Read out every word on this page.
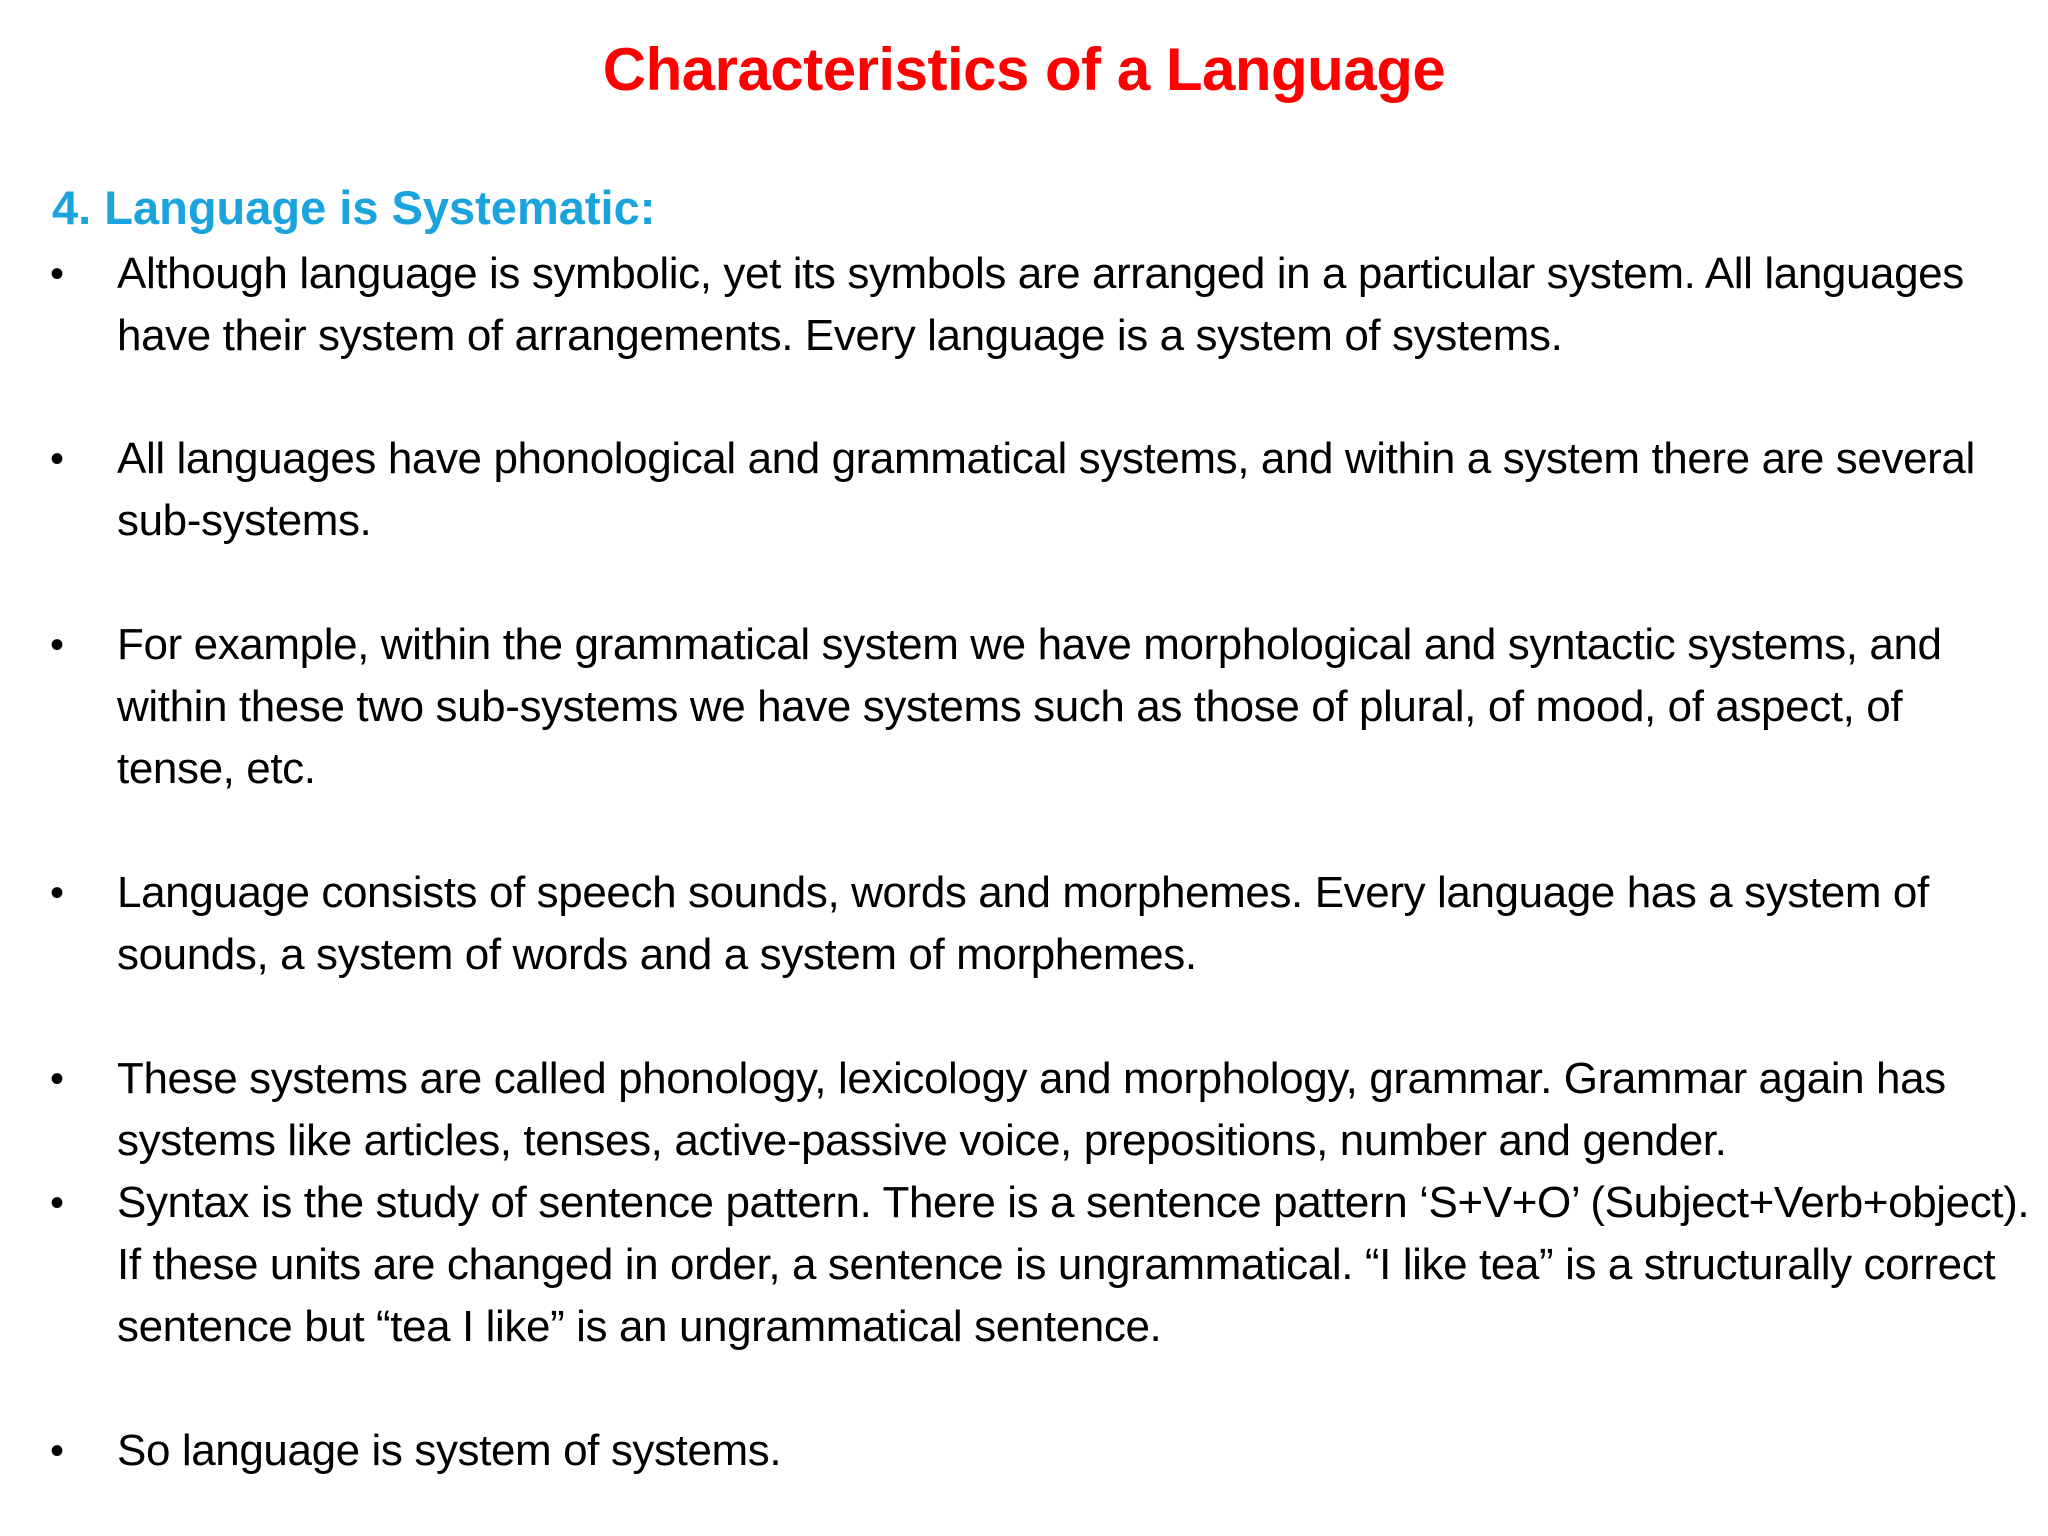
Characteristics of a Language
4. Language is Systematic:
•	Although language is symbolic, yet its symbols are arranged in a particular system. All languages have their system of arrangements. Every language is a system of systems.
•	All languages have phonological and grammatical systems, and within a system there are several sub-systems.
•	For example, within the grammatical system we have morphological and syntactic systems, and within these two sub-systems we have systems such as those of plural, of mood, of aspect, of tense, etc.
•	Language consists of speech sounds, words and morphemes. Every language has a system of sounds, a system of words and a system of morphemes.
•	These systems are called phonology, lexicology and morphology, grammar. Grammar again has systems like articles, tenses, active-passive voice, prepositions, number and gender.
•	Syntax is the study of sentence pattern. There is a sentence pattern ‘S+V+O’ (Subject+Verb+object). If these units are changed in order, a sentence is ungrammatical. “I like tea” is a structurally correct sentence but “tea I like” is an ungrammatical sentence.
•	So language is system of systems.
